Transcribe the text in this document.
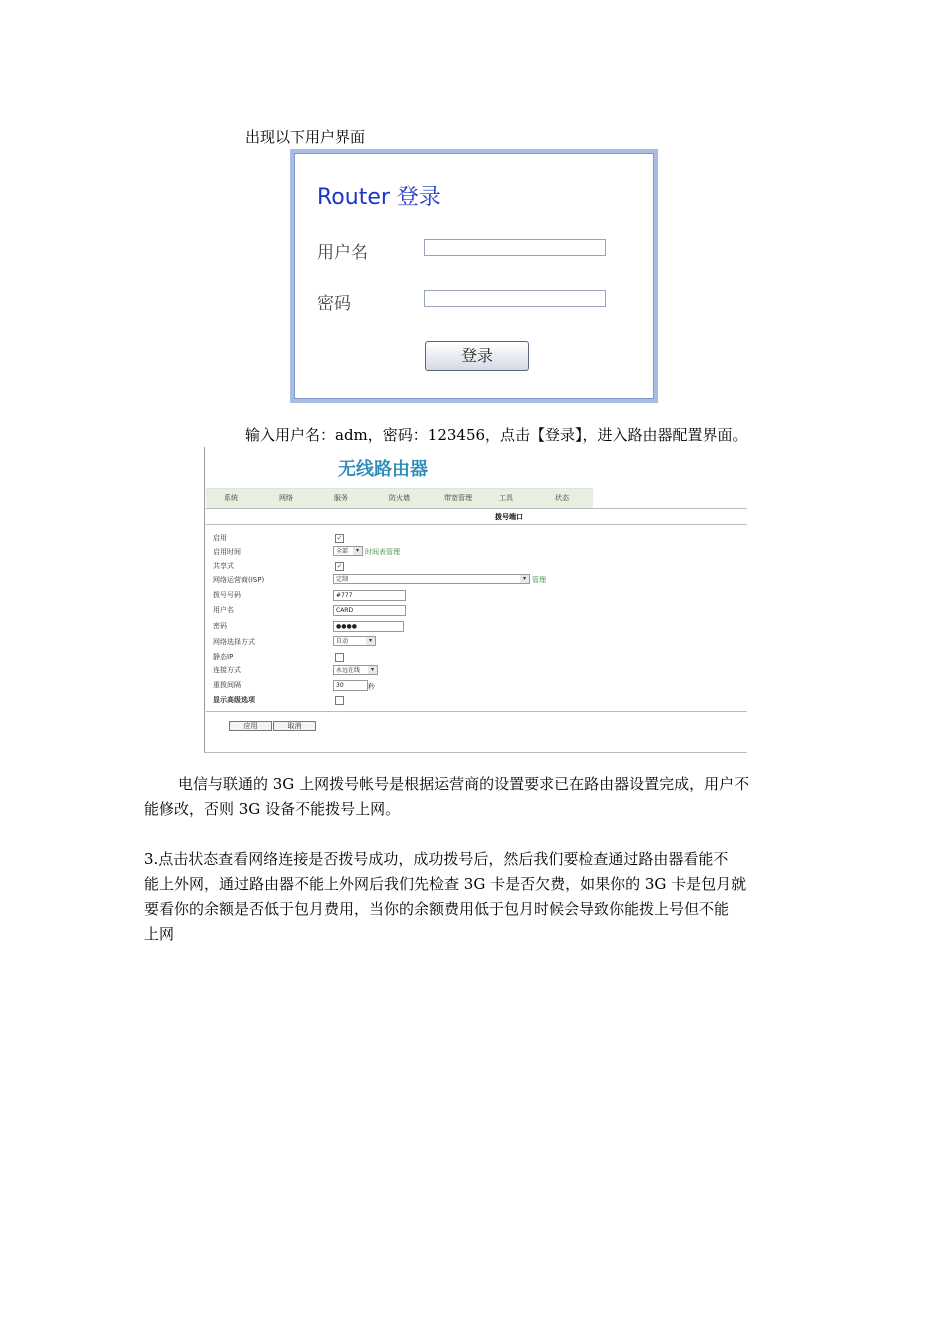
出现以下用户界面
Router 登录
用户名
密码
登录
输入用户名：adm，密码：123456，点击【登录】，进入路由器配置界面。
无线路由器
系统	网络	服务	防火墙	带宽管理	工具	状态
拨号端口
启用	✓
启用时间	全部	▾ 时间表管理
共享式	✓
网络运营商(ISP)	定制	▾ 管理
拨号号码	#777
用户名	CARD
密码	●●●●
网络选择方式	自动	▾
静态IP
连接方式	永远在线	▾
重拨间隔	30	秒
显示高级选项
应用	取消
电信与联通的 3G 上网拨号帐号是根据运营商的设置要求已在路由器设置完成，用户不
能修改，否则 3G 设备不能拨号上网。
3.点击状态查看网络连接是否拨号成功，成功拨号后，然后我们要检查通过路由器看能不
能上外网，通过路由器不能上外网后我们先检查 3G 卡是否欠费，如果你的 3G 卡是包月就
要看你的余额是否低于包月费用，当你的余额费用低于包月时候会导致你能拨上号但不能
上网
